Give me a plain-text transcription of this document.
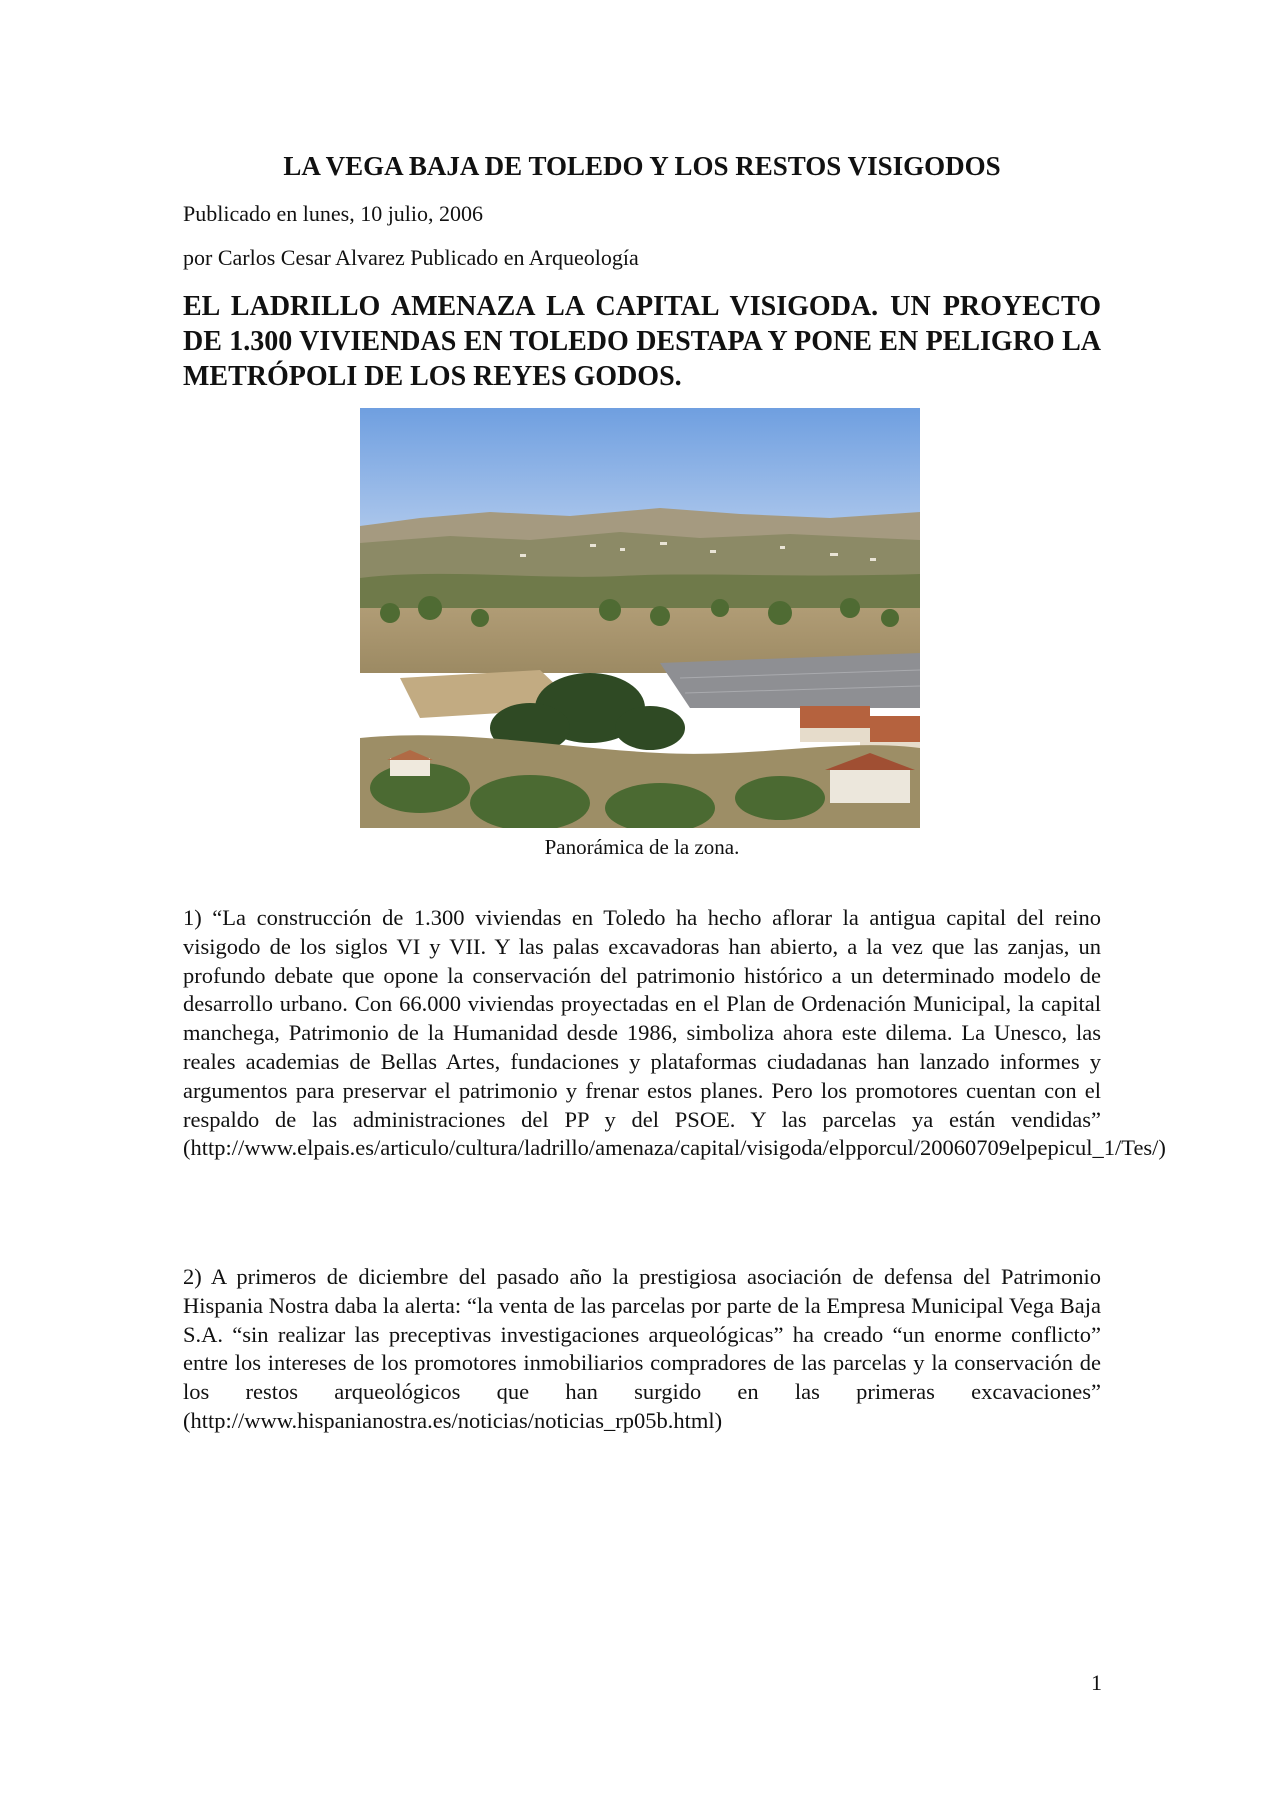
LA VEGA BAJA DE TOLEDO Y LOS RESTOS VISIGODOS

Publicado en lunes, 10 julio, 2006

por Carlos Cesar Alvarez Publicado en Arqueología

EL LADRILLO AMENAZA LA CAPITAL VISIGODA. UN PROYECTO DE 1.300 VIVIENDAS EN TOLEDO DESTAPA Y PONE EN PELIGRO LA METRÓPOLI DE LOS REYES GODOS.

Panorámica de la zona.

1) “La construcción de 1.300 viviendas en Toledo ha hecho aflorar la antigua capital del reino visigodo de los siglos VI y VII. Y las palas excavadoras han abierto, a la vez que las zanjas, un profundo debate que opone la conservación del patrimonio histórico a un determinado modelo de desarrollo urbano. Con 66.000 viviendas proyectadas en el Plan de Ordenación Municipal, la capital manchega, Patrimonio de la Humanidad desde 1986, simboliza ahora este dilema. La Unesco, las reales academias de Bellas Artes, fundaciones y plataformas ciudadanas han lanzado informes y argumentos para preservar el patrimonio y frenar estos planes. Pero los promotores cuentan con el respaldo de las administraciones del PP y del PSOE. Y las parcelas ya están vendidas” (http://www.elpais.es/articulo/cultura/ladrillo/amenaza/capital/visigoda/elpporcul/20060709elpepicul_1/Tes/)

2) A primeros de diciembre del pasado año la prestigiosa asociación de defensa del Patrimonio Hispania Nostra daba la alerta: “la venta de las parcelas por parte de la Empresa Municipal Vega Baja S.A. “sin realizar las preceptivas investigaciones arqueológicas” ha creado “un enorme conflicto” entre los intereses de los promotores inmobiliarios compradores de las parcelas y la conservación de los restos arqueológicos que han surgido en las primeras excavaciones” (http://www.hispanianostra.es/noticias/noticias_rp05b.html)

1
